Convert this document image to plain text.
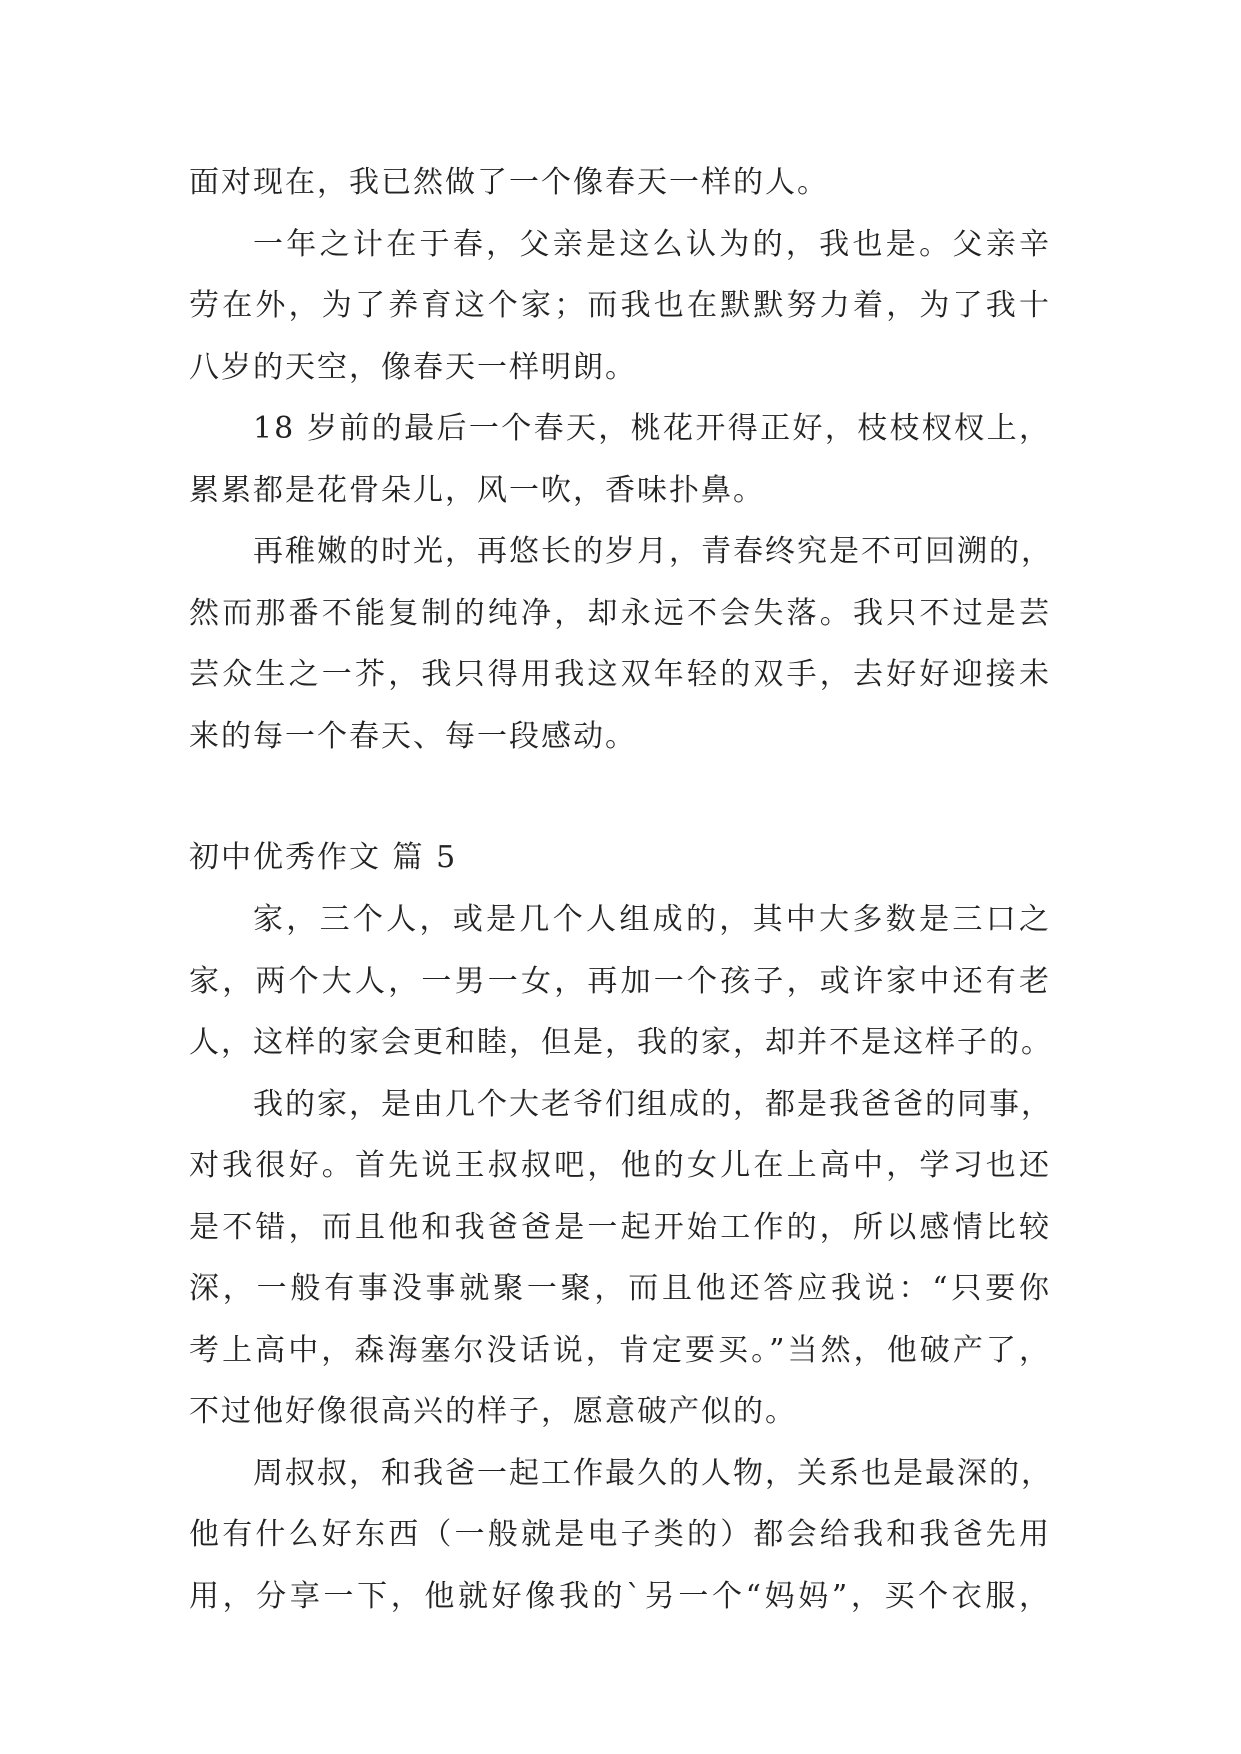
面对现在，我已然做了一个像春天一样的人。
一年之计在于春，父亲是这么认为的，我也是。父亲辛
劳在外，为了养育这个家；而我也在默默努力着，为了我十
八岁的天空，像春天一样明朗。
18 岁前的最后一个春天，桃花开得正好，枝枝杈杈上，
累累都是花骨朵儿，风一吹，香味扑鼻。
再稚嫩的时光，再悠长的岁月，青春终究是不可回溯的，
然而那番不能复制的纯净，却永远不会失落。我只不过是芸
芸众生之一芥，我只得用我这双年轻的双手，去好好迎接未
来的每一个春天、每一段感动。
初中优秀作文 篇 5
家，三个人，或是几个人组成的，其中大多数是三口之
家，两个大人，一男一女，再加一个孩子，或许家中还有老
人，这样的家会更和睦，但是，我的家，却并不是这样子的。
我的家，是由几个大老爷们组成的，都是我爸爸的同事，
对我很好。首先说王叔叔吧，他的女儿在上高中，学习也还
是不错，而且他和我爸爸是一起开始工作的，所以感情比较
深，一般有事没事就聚一聚，而且他还答应我说：“只要你
考上高中，森海塞尔没话说，肯定要买。”当然，他破产了，
不过他好像很高兴的样子，愿意破产似的。
周叔叔，和我爸一起工作最久的人物，关系也是最深的，
他有什么好东西（一般就是电子类的）都会给我和我爸先用
用，分享一下，他就好像我的`另一个“妈妈”，买个衣服，
